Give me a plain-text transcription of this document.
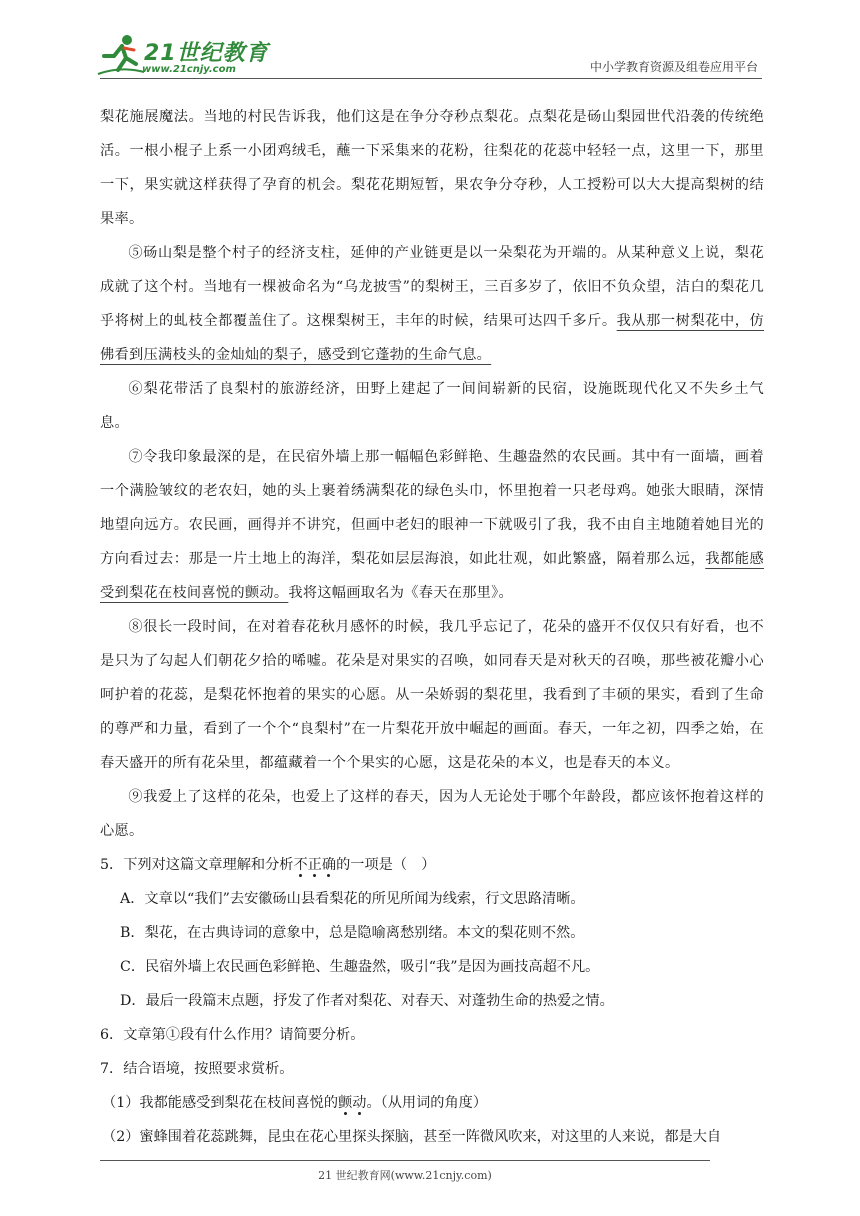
21世纪教育
www.21cnjy.com	中小学教育资源及组卷应用平台

梨花施展魔法。当地的村民告诉我，他们这是在争分夺秒点梨花。点梨花是砀山梨园世代沿袭的传统绝活。一根小棍子上系一小团鸡绒毛，蘸一下采集来的花粉，往梨花的花蕊中轻轻一点，这里一下，那里一下，果实就这样获得了孕育的机会。梨花花期短暂，果农争分夺秒，人工授粉可以大大提高梨树的结果率。

⑤砀山梨是整个村子的经济支柱，延伸的产业链更是以一朵梨花为开端的。从某种意义上说，梨花成就了这个村。当地有一棵被命名为“乌龙披雪”的梨树王，三百多岁了，依旧不负众望，洁白的梨花几乎将树上的虬枝全都覆盖住了。这棵梨树王，丰年的时候，结果可达四千多斤。我从那一树梨花中，仿佛看到压满枝头的金灿灿的梨子，感受到它蓬勃的生命气息。

⑥梨花带活了良梨村的旅游经济，田野上建起了一间间崭新的民宿，设施既现代化又不失乡土气息。

⑦令我印象最深的是，在民宿外墙上那一幅幅色彩鲜艳、生趣盎然的农民画。其中有一面墙，画着一个满脸皱纹的老农妇，她的头上裹着绣满梨花的绿色头巾，怀里抱着一只老母鸡。她张大眼睛，深情地望向远方。农民画，画得并不讲究，但画中老妇的眼神一下就吸引了我，我不由自主地随着她目光的方向看过去：那是一片土地上的海洋，梨花如层层海浪，如此壮观，如此繁盛，隔着那么远，我都能感受到梨花在枝间喜悦的颤动。我将这幅画取名为《春天在那里》。

⑧很长一段时间，在对着春花秋月感怀的时候，我几乎忘记了，花朵的盛开不仅仅只有好看，也不是只为了勾起人们朝花夕拾的唏嘘。花朵是对果实的召唤，如同春天是对秋天的召唤，那些被花瓣小心呵护着的花蕊，是梨花怀抱着的果实的心愿。从一朵娇弱的梨花里，我看到了丰硕的果实，看到了生命的尊严和力量，看到了一个个“良梨村”在一片梨花开放中崛起的画面。春天，一年之初，四季之始，在春天盛开的所有花朵里，都蕴藏着一个个果实的心愿，这是花朵的本义，也是春天的本义。

⑨我爱上了这样的花朵，也爱上了这样的春天，因为人无论处于哪个年龄段，都应该怀抱着这样的心愿。

5．下列对这篇文章理解和分析不正确的一项是（　）

A．文章以“我们”去安徽砀山县看梨花的所见所闻为线索，行文思路清晰。

B．梨花，在古典诗词的意象中，总是隐喻离愁别绪。本文的梨花则不然。

C．民宿外墙上农民画色彩鲜艳、生趣盎然，吸引“我”是因为画技高超不凡。

D．最后一段篇末点题，抒发了作者对梨花、对春天、对蓬勃生命的热爱之情。

6．文章第①段有什么作用？请简要分析。

7．结合语境，按照要求赏析。

（1）我都能感受到梨花在枝间喜悦的颤动。（从用词的角度）

（2）蜜蜂围着花蕊跳舞，昆虫在花心里探头探脑，甚至一阵微风吹来，对这里的人来说，都是大自

21 世纪教育网(www.21cnjy.com)
